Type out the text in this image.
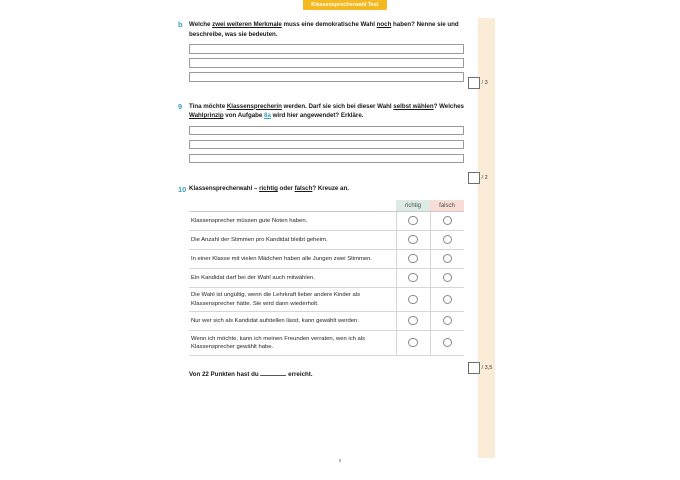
Klassensprecherwahl Test
b	Welche zwei weiteren Merkmale muss eine demokratische Wahl noch haben? Nenne sie und beschreibe, was sie bedeuten.
9	Tina möchte Klassensprecherin werden. Darf sie sich bei dieser Wahl selbst wählen? Welches Wahlprinzip von Aufgabe 8a wird hier angewendet? Erkläre.
10 Klassensprecherwahl – richtig oder falsch? Kreuze an.
	richtig	falsch
Klassensprecher müssen gute Noten haben.		
Die Anzahl der Stimmen pro Kandidat bleibt geheim.		
In einer Klasse mit vielen Mädchen haben alle Jungen zwei Stimmen.		
Ein Kandidat darf bei der Wahl auch mitwählen.		
Die Wahl ist ungültig, wenn die Lehrkraft lieber andere Kinder als Klassensprecher hätte. Sie wird dann wiederholt.		
Nur wer sich als Kandidat aufstellen lässt, kann gewählt werden.		
Wenn ich möchte, kann ich meinen Freunden verraten, wen ich als Klassensprecher gewählt habe.		
Von 22 Punkten hast du	erreicht.
/ 3
/ 2
/ 3,5
5
